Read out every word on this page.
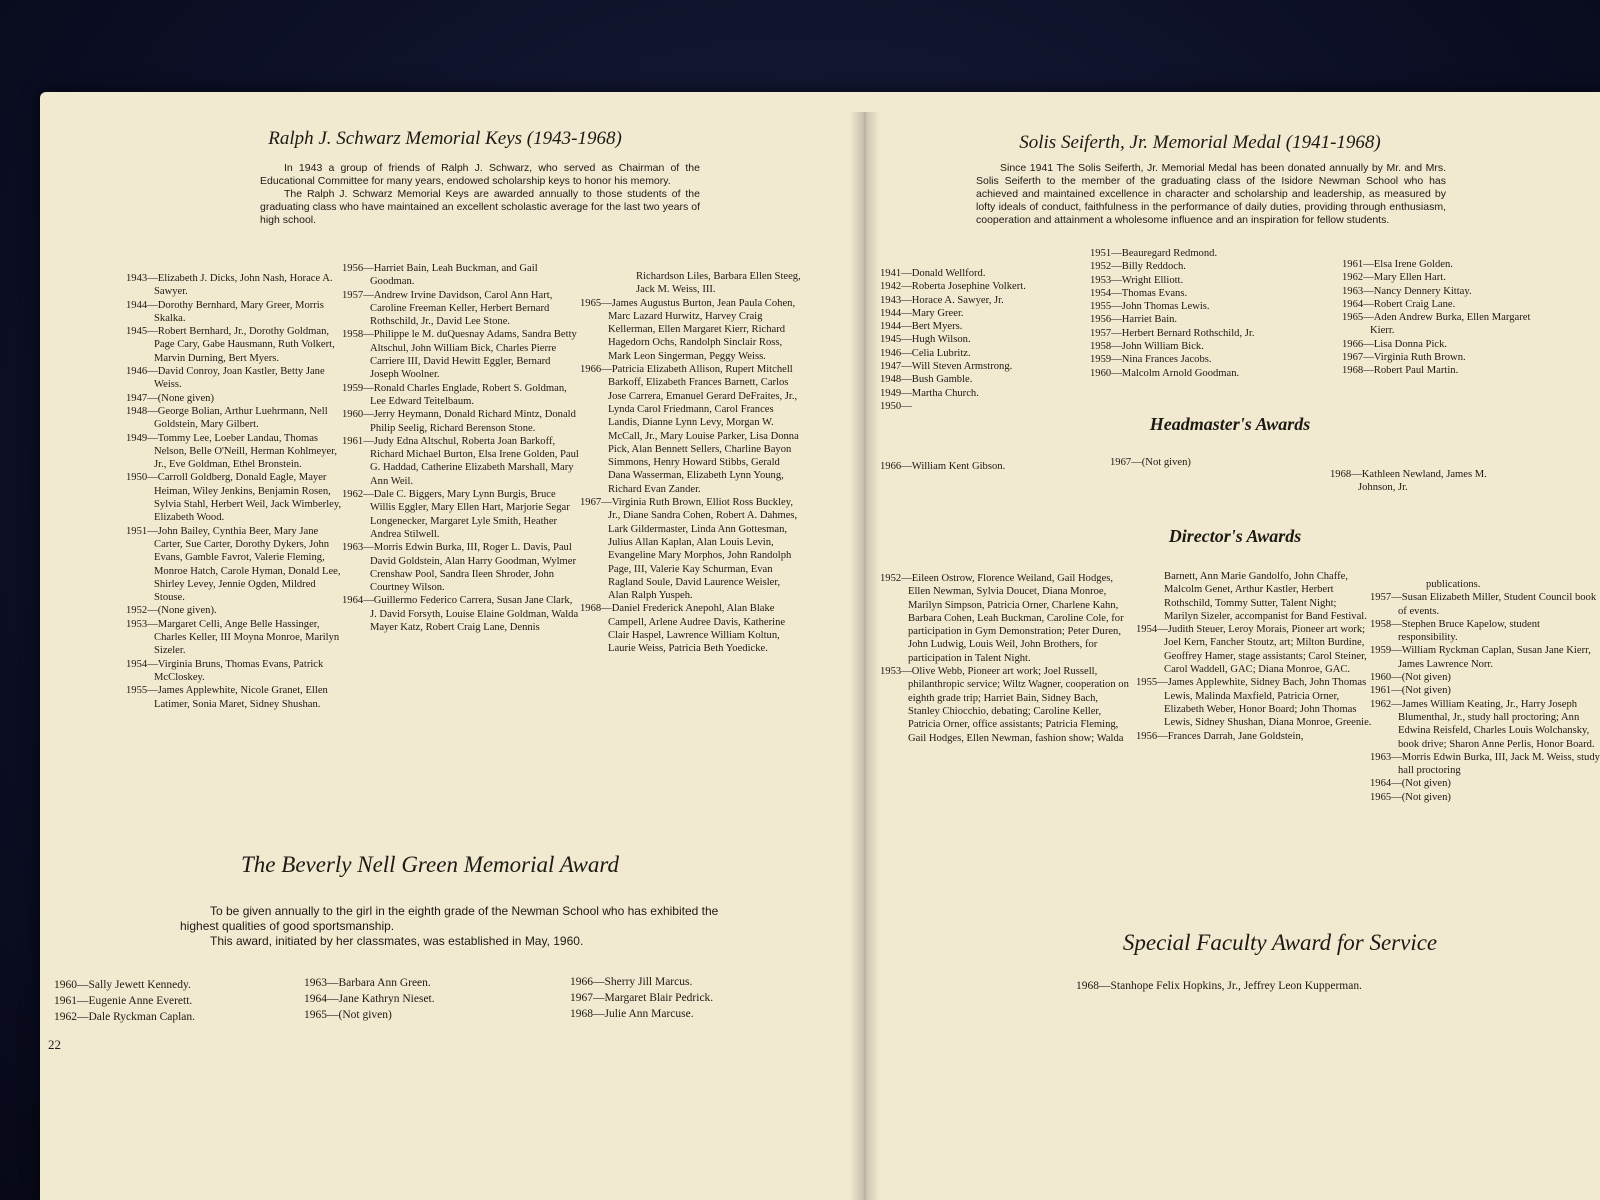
Ralph J. Schwarz Memorial Keys (1943-1968)

In 1943 a group of friends of Ralph J. Schwarz, who served as Chairman of the Educational Committee for many years, endowed scholarship keys to honor his memory.

The Ralph J. Schwarz Memorial Keys are awarded annually to those students of the graduating class who have maintained an excellent scholastic average for the last two years of high school.

1943—Elizabeth J. Dicks, John Nash, Horace A. Sawyer.

1944—Dorothy Bernhard, Mary Greer, Morris Skalka.

1945—Robert Bernhard, Jr., Dorothy Goldman, Page Cary, Gabe Hausmann, Ruth Volkert, Marvin Durning, Bert Myers.

1946—David Conroy, Joan Kastler, Betty Jane Weiss.

1947—(None given)

1948—George Bolian, Arthur Luehrmann, Nell Goldstein, Mary Gilbert.

1949—Tommy Lee, Loeber Landau, Thomas Nelson, Belle O'Neill, Herman Kohlmeyer, Jr., Eve Goldman, Ethel Bronstein.

1950—Carroll Goldberg, Donald Eagle, Mayer Heiman, Wiley Jenkins, Benjamin Rosen, Sylvia Stahl, Herbert Weil, Jack Wimberley, Elizabeth Wood.

1951—John Bailey, Cynthia Beer, Mary Jane Carter, Sue Carter, Dorothy Dykers, John Evans, Gamble Favrot, Valerie Fleming, Monroe Hatch, Carole Hyman, Donald Lee, Shirley Levey, Jennie Ogden, Mildred Stouse.

1952—(None given).

1953—Margaret Celli, Ange Belle Hassinger, Charles Keller, III Moyna Monroe, Marilyn Sizeler.

1954—Virginia Bruns, Thomas Evans, Patrick McCloskey.

1955—James Applewhite, Nicole Granet, Ellen Latimer, Sonia Maret, Sidney Shushan.

1956—Harriet Bain, Leah Buckman, and Gail Goodman.

1957—Andrew Irvine Davidson, Carol Ann Hart, Caroline Freeman Keller, Herbert Bernard Rothschild, Jr., David Lee Stone.

1958—Philippe le M. duQuesnay Adams, Sandra Betty Altschul, John William Bick, Charles Pierre Carriere III, David Hewitt Eggler, Bernard Joseph Woolner.

1959—Ronald Charles Englade, Robert S. Goldman, Lee Edward Teitelbaum.

1960—Jerry Heymann, Donald Richard Mintz, Donald Philip Seelig, Richard Berenson Stone.

1961—Judy Edna Altschul, Roberta Joan Barkoff, Richard Michael Burton, Elsa Irene Golden, Paul G. Haddad, Catherine Elizabeth Marshall, Mary Ann Weil.

1962—Dale C. Biggers, Mary Lynn Burgis, Bruce Willis Eggler, Mary Ellen Hart, Marjorie Segar Longenecker, Margaret Lyle Smith, Heather Andrea Stilwell.

1963—Morris Edwin Burka, III, Roger L. Davis, Paul David Goldstein, Alan Harry Goodman, Wylmer Crenshaw Pool, Sandra Ileen Shroder, John Courtney Wilson.

1964—Guillermo Federico Carrera, Susan Jane Clark, J. David Forsyth, Louise Elaine Goldman, Walda Mayer Katz, Robert Craig Lane, Dennis

Richardson Liles, Barbara Ellen Steeg, Jack M. Weiss, III.

1965—James Augustus Burton, Jean Paula Cohen, Marc Lazard Hurwitz, Harvey Craig Kellerman, Ellen Margaret Kierr, Richard Hagedorn Ochs, Randolph Sinclair Ross, Mark Leon Singerman, Peggy Weiss.

1966—Patricia Elizabeth Allison, Rupert Mitchell Barkoff, Elizabeth Frances Barnett, Carlos Jose Carrera, Emanuel Gerard DeFraites, Jr., Lynda Carol Friedmann, Carol Frances Landis, Dianne Lynn Levy, Morgan W. McCall, Jr., Mary Louise Parker, Lisa Donna Pick, Alan Bennett Sellers, Charline Bayon Simmons, Henry Howard Stibbs, Gerald Dana Wasserman, Elizabeth Lynn Young, Richard Evan Zander.

1967—Virginia Ruth Brown, Elliot Ross Buckley, Jr., Diane Sandra Cohen, Robert A. Dahmes, Lark Gildermaster, Linda Ann Gottesman, Julius Allan Kaplan, Alan Louis Levin, Evangeline Mary Morphos, John Randolph Page, III, Valerie Kay Schurman, Evan Ragland Soule, David Laurence Weisler, Alan Ralph Yuspeh.

1968—Daniel Frederick Anepohl, Alan Blake Campell, Arlene Audree Davis, Katherine Clair Haspel, Lawrence William Koltun, Laurie Weiss, Patricia Beth Yoedicke.

The Beverly Nell Green Memorial Award

To be given annually to the girl in the eighth grade of the Newman School who has exhibited the highest qualities of good sportsmanship.

This award, initiated by her classmates, was established in May, 1960.

1960—Sally Jewett Kennedy.

1961—Eugenie Anne Everett.

1962—Dale Ryckman Caplan.

1963—Barbara Ann Green.

1964—Jane Kathryn Nieset.

1965—(Not given)

1966—Sherry Jill Marcus.

1967—Margaret Blair Pedrick.

1968—Julie Ann Marcuse.

22
Solis Seiferth, Jr. Memorial Medal (1941-1968)

Since 1941 The Solis Seiferth, Jr. Memorial Medal has been donated annually by Mr. and Mrs. Solis Seiferth to the member of the graduating class of the Isidore Newman School who has achieved and maintained excellence in character and scholarship and leadership, as measured by lofty ideals of conduct, faithfulness in the performance of daily duties, providing through enthusiasm, cooperation and attainment a wholesome influence and an inspiration for fellow students.

1941—Donald Wellford.

1942—Roberta Josephine Volkert.

1943—Horace A. Sawyer, Jr.

1944—Mary Greer.

1944—Bert Myers.

1945—Hugh Wilson.

1946—Celia Lubritz.

1947—Will Steven Armstrong.

1948—Bush Gamble.

1949—Martha Church.

1950—

1951—Beauregard Redmond.

1952—Billy Reddoch.

1953—Wright Elliott.

1954—Thomas Evans.

1955—John Thomas Lewis.

1956—Harriet Bain.

1957—Herbert Bernard Rothschild, Jr.

1958—John William Bick.

1959—Nina Frances Jacobs.

1960—Malcolm Arnold Goodman.

1961—Elsa Irene Golden.

1962—Mary Ellen Hart.

1963—Nancy Dennery Kittay.

1964—Robert Craig Lane.

1965—Aden Andrew Burka, Ellen Margaret Kierr.

1966—Lisa Donna Pick.

1967—Virginia Ruth Brown.

1968—Robert Paul Martin.

Headmaster's Awards

1966—William Kent Gibson.	1967—(Not given)

1968—Kathleen Newland, James M. Johnson, Jr.

Director's Awards

1952—Eileen Ostrow, Florence Weiland, Gail Hodges, Ellen Newman, Sylvia Doucet, Diana Monroe, Marilyn Simpson, Patricia Orner, Charlene Kahn, Barbara Cohen, Leah Buckman, Caroline Cole, for participation in Gym Demonstration; Peter Duren, John Ludwig, Louis Weil, John Brothers, for participation in Talent Night.

1953—Olive Webb, Pioneer art work; Joel Russell, philanthropic service; Wiltz Wagner, cooperation on eighth grade trip; Harriet Bain, Sidney Bach, Stanley Chiocchio, debating; Caroline Keller, Patricia Orner, office assistants; Patricia Fleming, Gail Hodges, Ellen Newman, fashion show; Walda

Barnett, Ann Marie Gandolfo, John Chaffe, Malcolm Genet, Arthur Kastler, Herbert Rothschild, Tommy Sutter, Talent Night; Marilyn Sizeler, accompanist for Band Festival.

1954—Judith Steuer, Leroy Morais, Pioneer art work; Joel Kern, Fancher Stoutz, art; Milton Burdine, Geoffrey Hamer, stage assistants; Carol Steiner, Carol Waddell, GAC; Diana Monroe, GAC.

1955—James Applewhite, Sidney Bach, John Thomas Lewis, Malinda Maxfield, Patricia Orner, Elizabeth Weber, Honor Board; John Thomas Lewis, Sidney Shushan, Diana Monroe, Greenie.

1956—Frances Darrah, Jane Goldstein,

publications.

1957—Susan Elizabeth Miller, Student Council book of events.

1958—Stephen Bruce Kapelow, student responsibility.

1959—William Ryckman Caplan, Susan Jane Kierr, James Lawrence Norr.

1960—(Not given)

1961—(Not given)

1962—James William Keating, Jr., Harry Joseph Blumenthal, Jr., study hall proctoring; Ann Edwina Reisfeld, Charles Louis Wolchansky, book drive; Sharon Anne Perlis, Honor Board.

1963—Morris Edwin Burka, III, Jack M. Weiss, study hall proctoring

1964—(Not given)

1965—(Not given)

Special Faculty Award for Service

1968—Stanhope Felix Hopkins, Jr., Jeffrey Leon Kupperman.
